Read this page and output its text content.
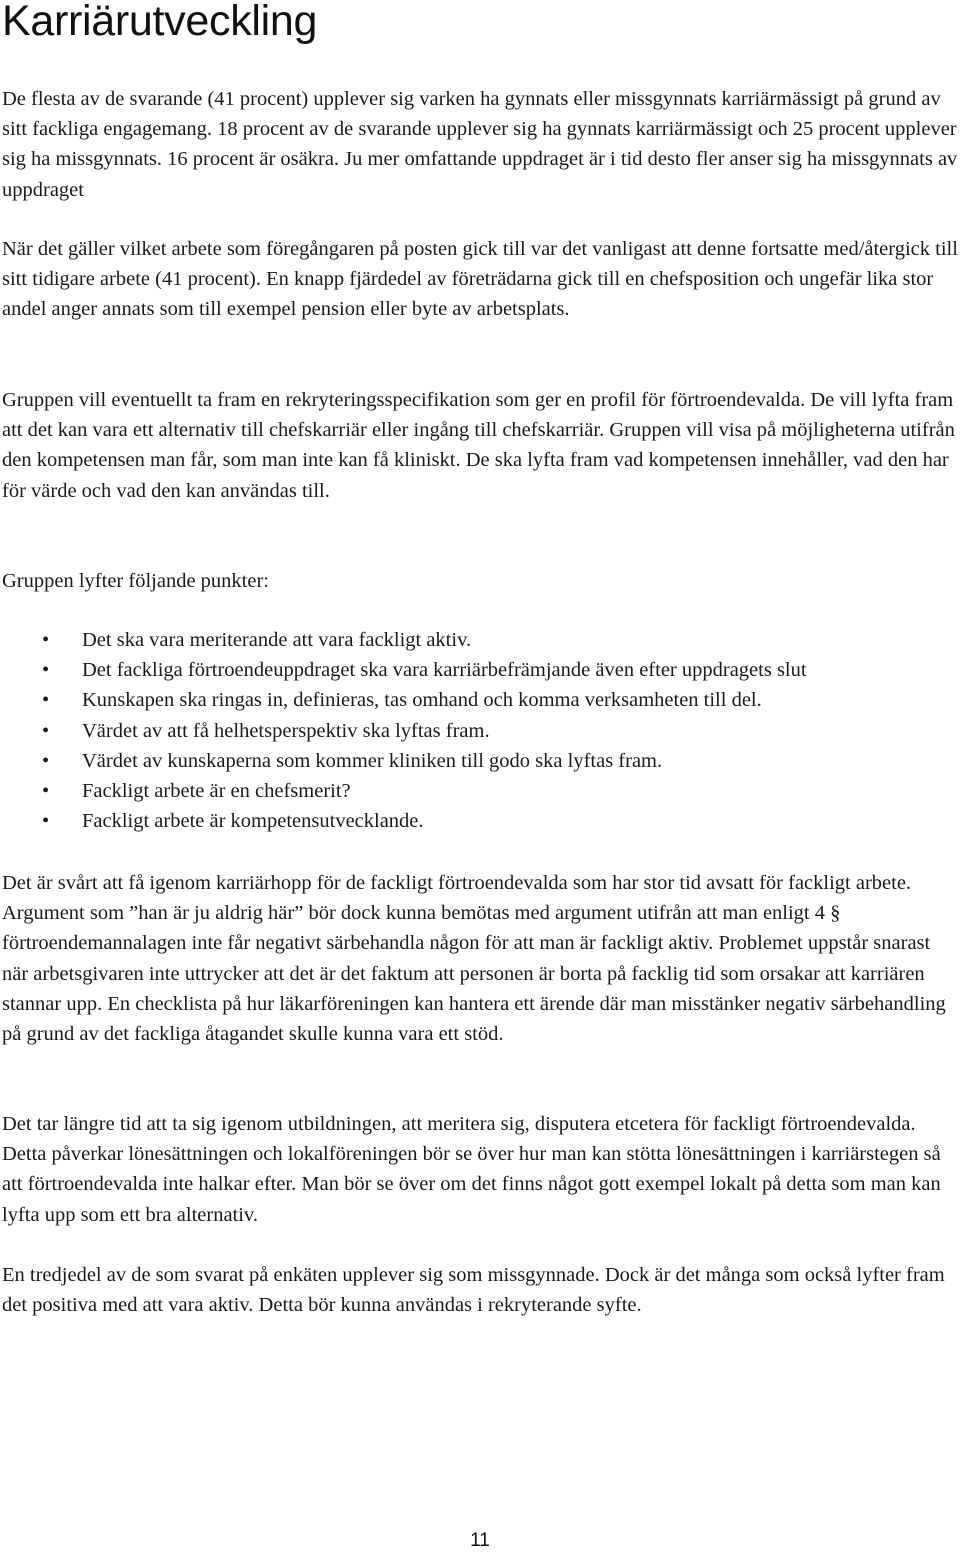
Karriärutveckling

De flesta av de svarande (41 procent) upplever sig varken ha gynnats eller missgynnats karriärmässigt på grund av sitt fackliga engagemang. 18 procent av de svarande upplever sig ha gynnats karriärmässigt och 25 procent upplever sig ha missgynnats. 16 procent är osäkra. Ju mer omfattande uppdraget är i tid desto fler anser sig ha missgynnats av uppdraget

När det gäller vilket arbete som föregångaren på posten gick till var det vanligast att denne fortsatte med/återgick till sitt tidigare arbete (41 procent). En knapp fjärdedel av företrädarna gick till en chefsposition och ungefär lika stor andel anger annats som till exempel pension eller byte av arbetsplats.

Gruppen vill eventuellt ta fram en rekryteringsspecifikation som ger en profil för förtroendevalda. De vill lyfta fram att det kan vara ett alternativ till chefskarriär eller ingång till chefskarriär. Gruppen vill visa på möjligheterna utifrån den kompetensen man får, som man inte kan få kliniskt. De ska lyfta fram vad kompetensen innehåller, vad den har för värde och vad den kan användas till.

Gruppen lyfter följande punkter:

• Det ska vara meriterande att vara fackligt aktiv.
• Det fackliga förtroendeuppdraget ska vara karriärbefrämjande även efter uppdragets slut
• Kunskapen ska ringas in, definieras, tas omhand och komma verksamheten till del.
• Värdet av att få helhetsperspektiv ska lyftas fram.
• Värdet av kunskaperna som kommer kliniken till godo ska lyftas fram.
• Fackligt arbete är en chefsmerit?
• Fackligt arbete är kompetensutvecklande.

Det är svårt att få igenom karriärhopp för de fackligt förtroendevalda som har stor tid avsatt för fackligt arbete. Argument som ”han är ju aldrig här” bör dock kunna bemötas med argument utifrån att man enligt 4 § förtroendemannalagen inte får negativt särbehandla någon för att man är fackligt aktiv. Problemet uppstår snarast när arbetsgivaren inte uttrycker att det är det faktum att personen är borta på facklig tid som orsakar att karriären stannar upp. En checklista på hur läkarföreningen kan hantera ett ärende där man misstänker negativ särbehandling på grund av det fackliga åtagandet skulle kunna vara ett stöd.

Det tar längre tid att ta sig igenom utbildningen, att meritera sig, disputera etcetera för fackligt förtroendevalda. Detta påverkar lönesättningen och lokalföreningen bör se över hur man kan stötta lönesättningen i karriärstegen så att förtroendevalda inte halkar efter. Man bör se över om det finns något gott exempel lokalt på detta som man kan lyfta upp som ett bra alternativ.

En tredjedel av de som svarat på enkäten upplever sig som missgynnade. Dock är det många som också lyfter fram det positiva med att vara aktiv. Detta bör kunna användas i rekryterande syfte.

11
